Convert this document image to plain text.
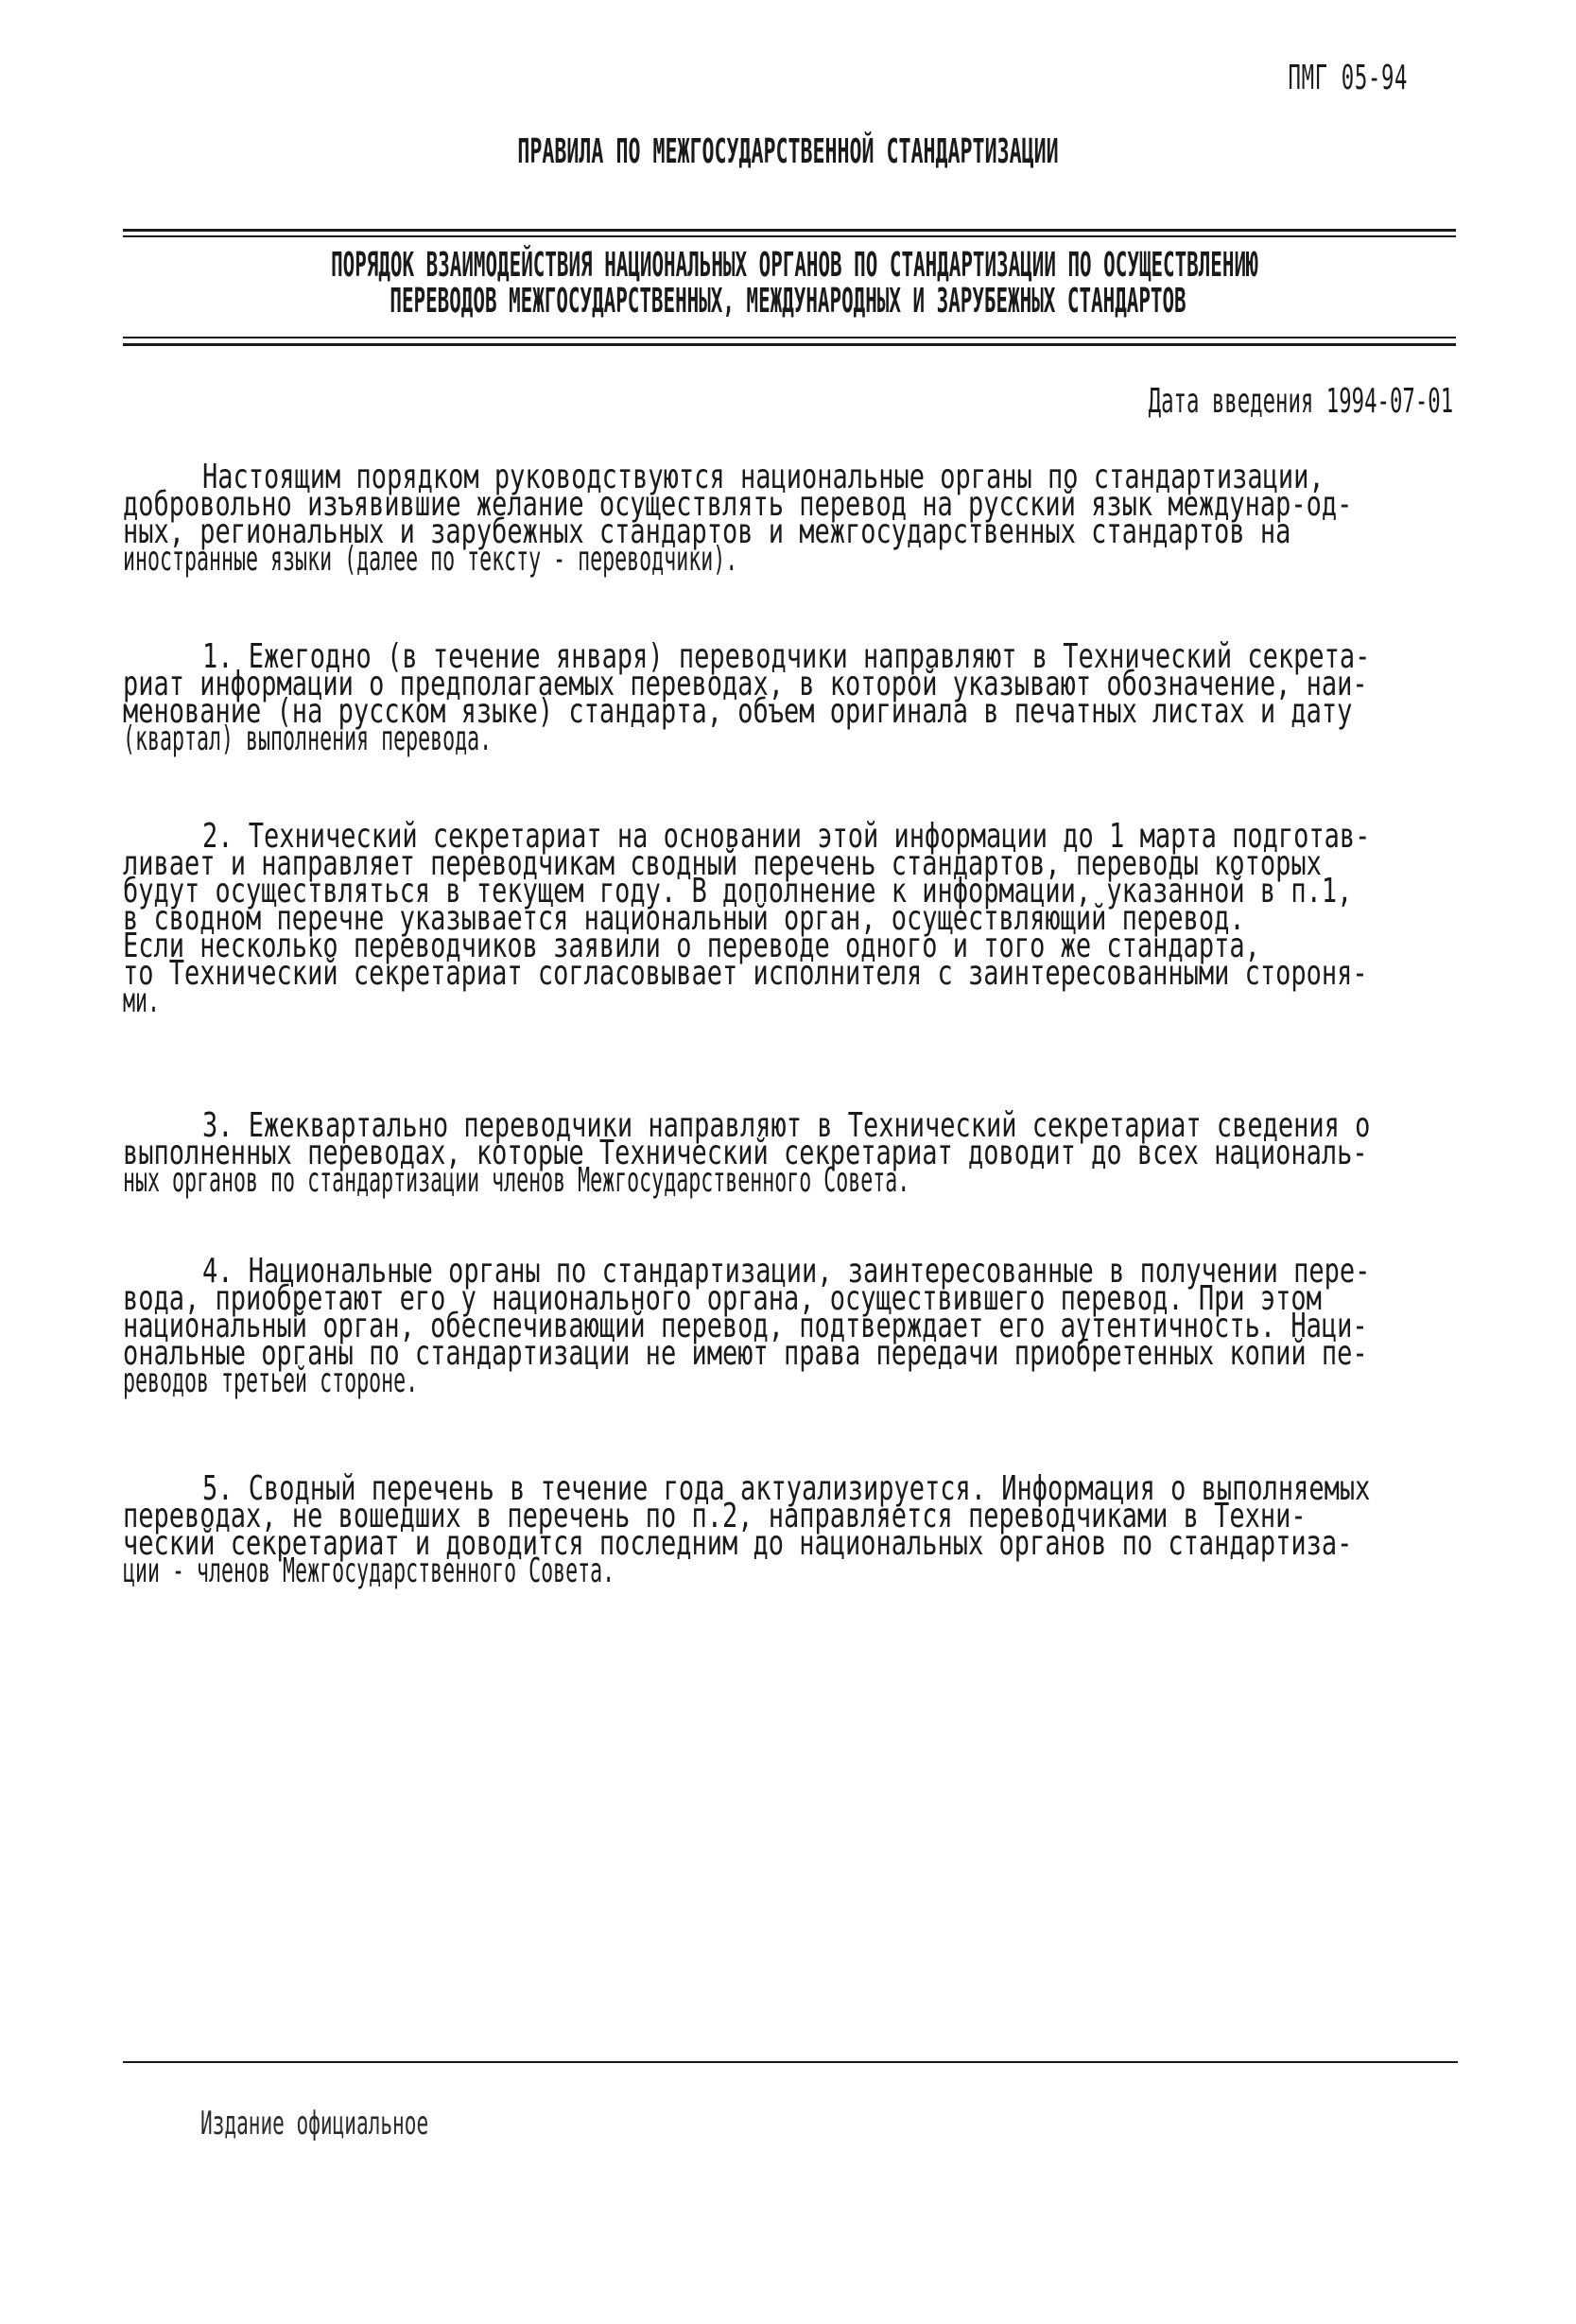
ПМГ 05-94
ПРАВИЛА ПО МЕЖГОСУДАРСТВЕННОЙ СТАНДАРТИЗАЦИИ
ПОРЯДОК ВЗАИМОДЕЙСТВИЯ НАЦИОНАЛЬНЫХ ОРГАНОВ ПО СТАНДАРТИЗАЦИИ ПО ОСУЩЕСТВЛЕНИЮ
ПЕРЕВОДОВ МЕЖГОСУДАРСТВЕННЫХ, МЕЖДУНАРОДНЫХ И ЗАРУБЕЖНЫХ СТАНДАРТОВ
Дата введения 1994-07-01
Настоящим порядком руководствуются национальные органы по стандартизации,
добровольно изъявившие желание осуществлять перевод на русский язык междунар-од-
ных, региональных и зарубежных стандартов и межгосударственных стандартов на
иностранные языки (далее по тексту - переводчики).
1. Ежегодно (в течение января) переводчики направляют в Технический секрета-
риат информации о предполагаемых переводах, в которой указывают обозначение, наи-
менование (на русском языке) стандарта, объем оригинала в печатных листах и дату
(квартал) выполнения перевода.
2. Технический секретариат на основании этой информации до 1 марта подготав-
ливает и направляет переводчикам сводный перечень стандартов, переводы которых
будут осуществляться в текущем году. В дополнение к информации, указанной в п.1,
в сводном перечне указывается национальный орган, осуществляющий перевод.
Если несколько переводчиков заявили о переводе одного и того же стандарта,
то Технический секретариат согласовывает исполнителя с заинтересованными стороня-
ми.
3. Ежеквартально переводчики направляют в Технический секретариат сведения о
выполненных переводах, которые Технический секретариат доводит до всех националь-
ных органов по стандартизации членов Межгосударственного Совета.
4. Национальные органы по стандартизации, заинтересованные в получении пере-
вода, приобретают его у национального органа, осуществившего перевод. При этом
национальный орган, обеспечивающий перевод, подтверждает его аутентичность. Наци-
ональные органы по стандартизации не имеют права передачи приобретенных копий пе-
реводов третьей стороне.
5. Сводный перечень в течение года актуализируется. Информация о выполняемых
переводах, не вошедших в перечень по п.2, направляется переводчиками в Техни-
ческий секретариат и доводится последним до национальных органов по стандартиза-
ции - членов Межгосударственного Совета.
Издание официальное
